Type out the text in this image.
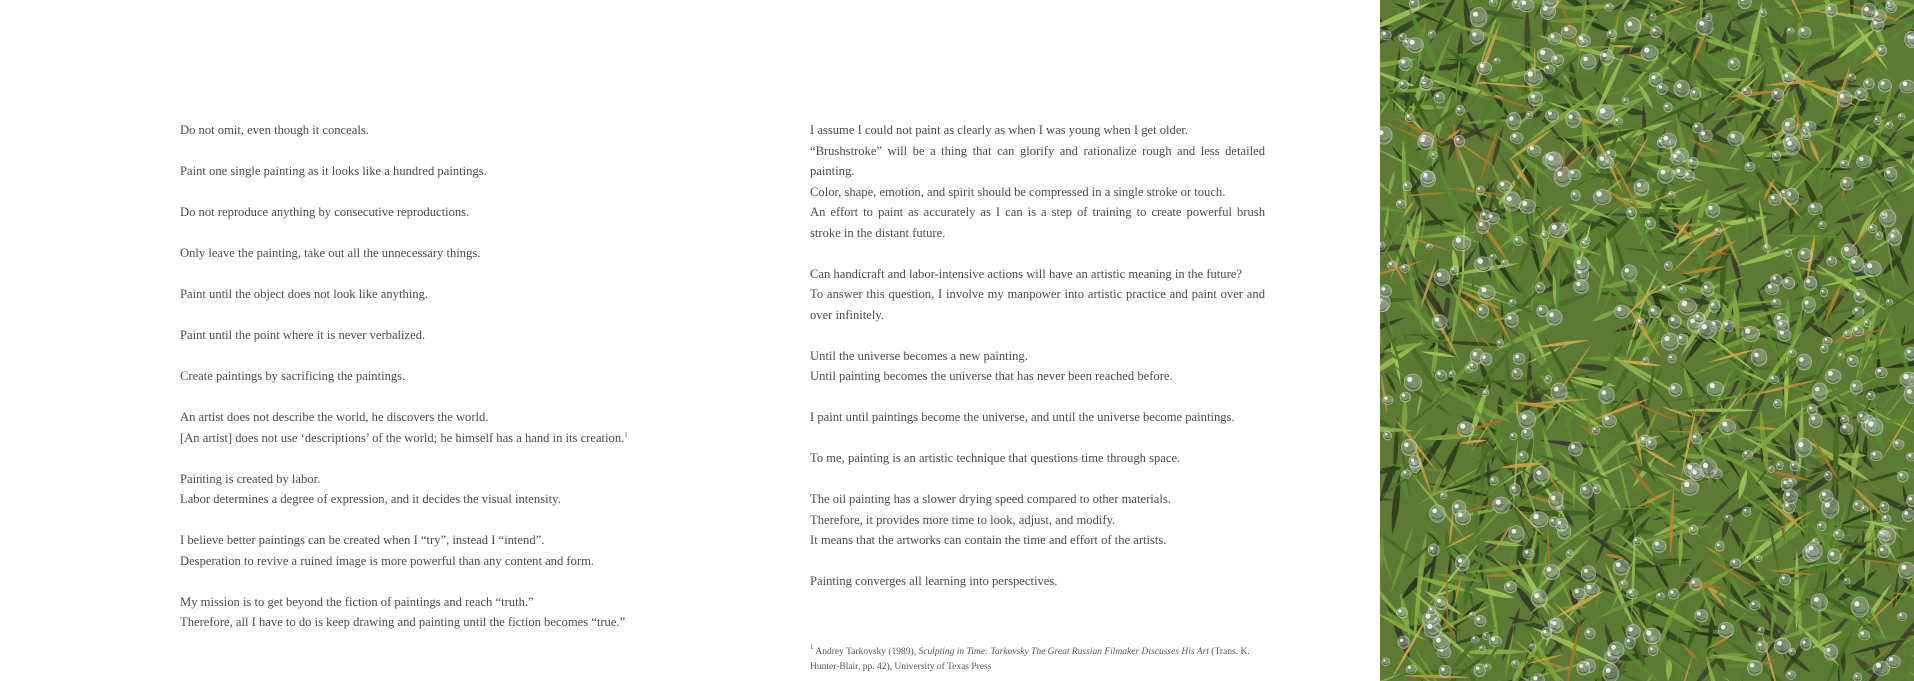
Do not omit, even though it conceals.
Paint one single painting as it looks like a hundred paintings.
Do not reproduce anything by consecutive reproductions.
Only leave the painting, take out all the unnecessary things.
Paint until the object does not look like anything.
Paint until the point where it is never verbalized.
Create paintings by sacrificing the paintings.
An artist does not describe the world, he discovers the world.
[An artist] does not use ‘descriptions’ of the world; he himself has a hand in its creation.$^1$
Painting is created by labor.
Labor determines a degree of expression, and it decides the visual intensity.
I believe better paintings can be created when I “try”, instead I “intend”.
Desperation to revive a ruined image is more powerful than any content and form.
My mission is to get beyond the fiction of paintings and reach “truth.”
Therefore, all I have to do is keep drawing and painting until the fiction becomes “true.”
I assume I could not paint as clearly as when I was young when I get older.
“Brushstroke” will be a thing that can glorify and rationalize rough and less detailed painting.
Color, shape, emotion, and spirit should be compressed in a single stroke or touch.
An effort to paint as accurately as I can is a step of training to create powerful brush stroke in the distant future.
Can handicraft and labor-intensive actions will have an artistic meaning in the future?
To answer this question, I involve my manpower into artistic practice and paint over and over infinitely.
Until the universe becomes a new painting.
Until painting becomes the universe that has never been reached before.
I paint until paintings become the universe, and until the universe become paintings.
To me, painting is an artistic technique that questions time through space.
The oil painting has a slower drying speed compared to other materials.
Therefore, it provides more time to look, adjust, and modify.
It means that the artworks can contain the time and effort of the artists.
Painting converges all learning into perspectives.
$^1$ Andrey Tarkovsky (1989), Sculpting in Time: Tarkovsky The Great Russian Filmaker Discusses His Art (Trans. K. Hunter-Blair, pp. 42), University of Texas Press
